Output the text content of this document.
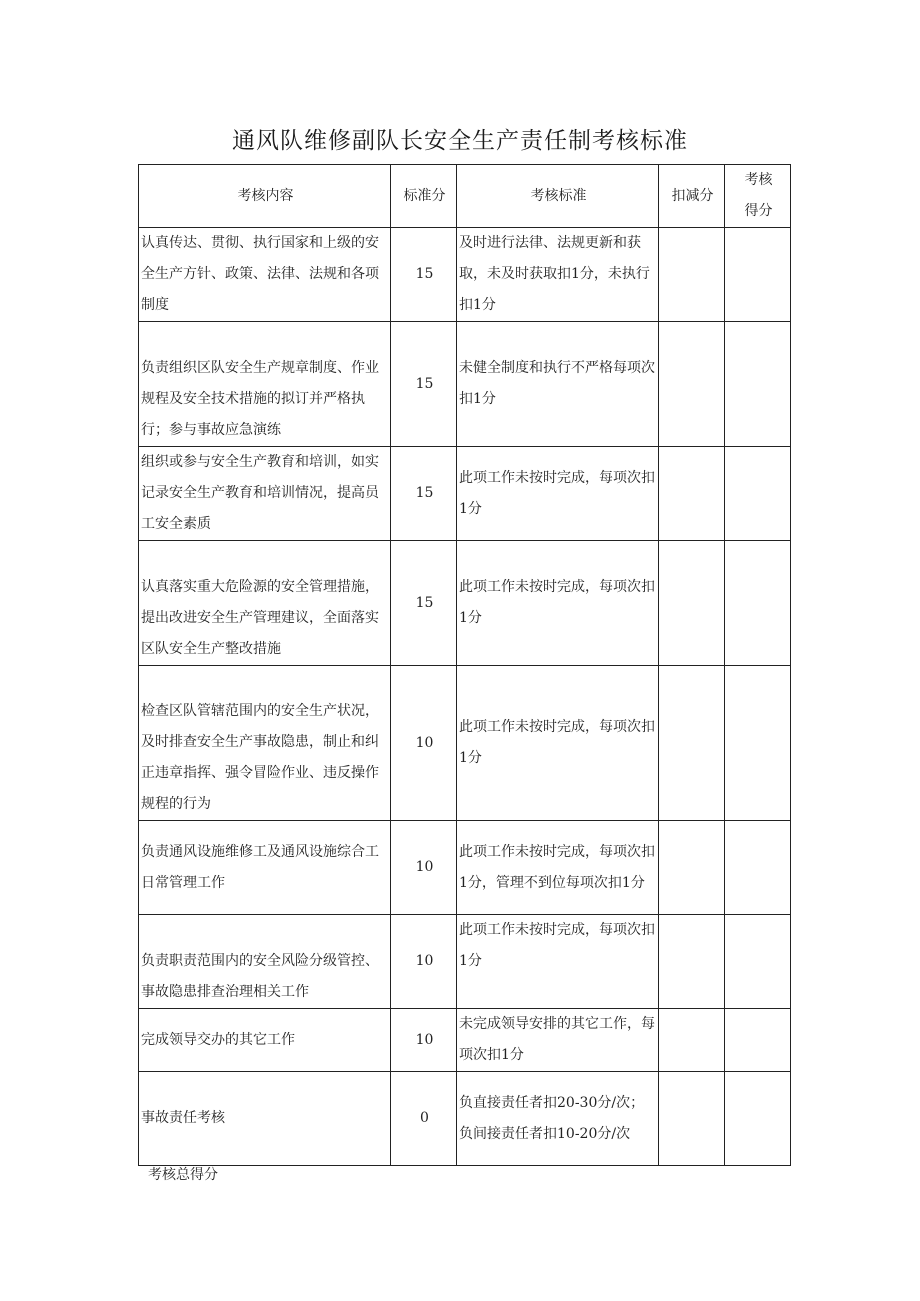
通风队维修副队长安全生产责任制考核标准
考核内容	标准分	考核标准	扣减分	考核
得分
认真传达、贯彻、执行国家和上级的安全生产方针、政策、法律、法规和各项制度	15	及时进行法律、法规更新和获取，未及时获取扣1分，未执行扣1分		
负责组织区队安全生产规章制度、作业规程及安全技术措施的拟订并严格执行；参与事故应急演练	15	未健全制度和执行不严格每项次扣1分		
组织或参与安全生产教育和培训，如实记录安全生产教育和培训情况，提高员工安全素质	15	此项工作未按时完成，每项次扣1分		
认真落实重大危险源的安全管理措施，提出改进安全生产管理建议，全面落实区队安全生产整改措施	15	此项工作未按时完成，每项次扣1分		
检查区队管辖范围内的安全生产状况，及时排查安全生产事故隐患，制止和纠正违章指挥、强令冒险作业、违反操作规程的行为	10	此项工作未按时完成，每项次扣1分		
负责通风设施维修工及通风设施综合工日常管理工作	10	此项工作未按时完成，每项次扣1分，管理不到位每项次扣1分		
负责职责范围内的安全风险分级管控、事故隐患排查治理相关工作	10	此项工作未按时完成，每项次扣1分		
完成领导交办的其它工作	10	未完成领导安排的其它工作，每项次扣1分		
事故责任考核	0	负直接责任者扣20-30分/次；负间接责任者扣10-20分/次		
考核总得分
